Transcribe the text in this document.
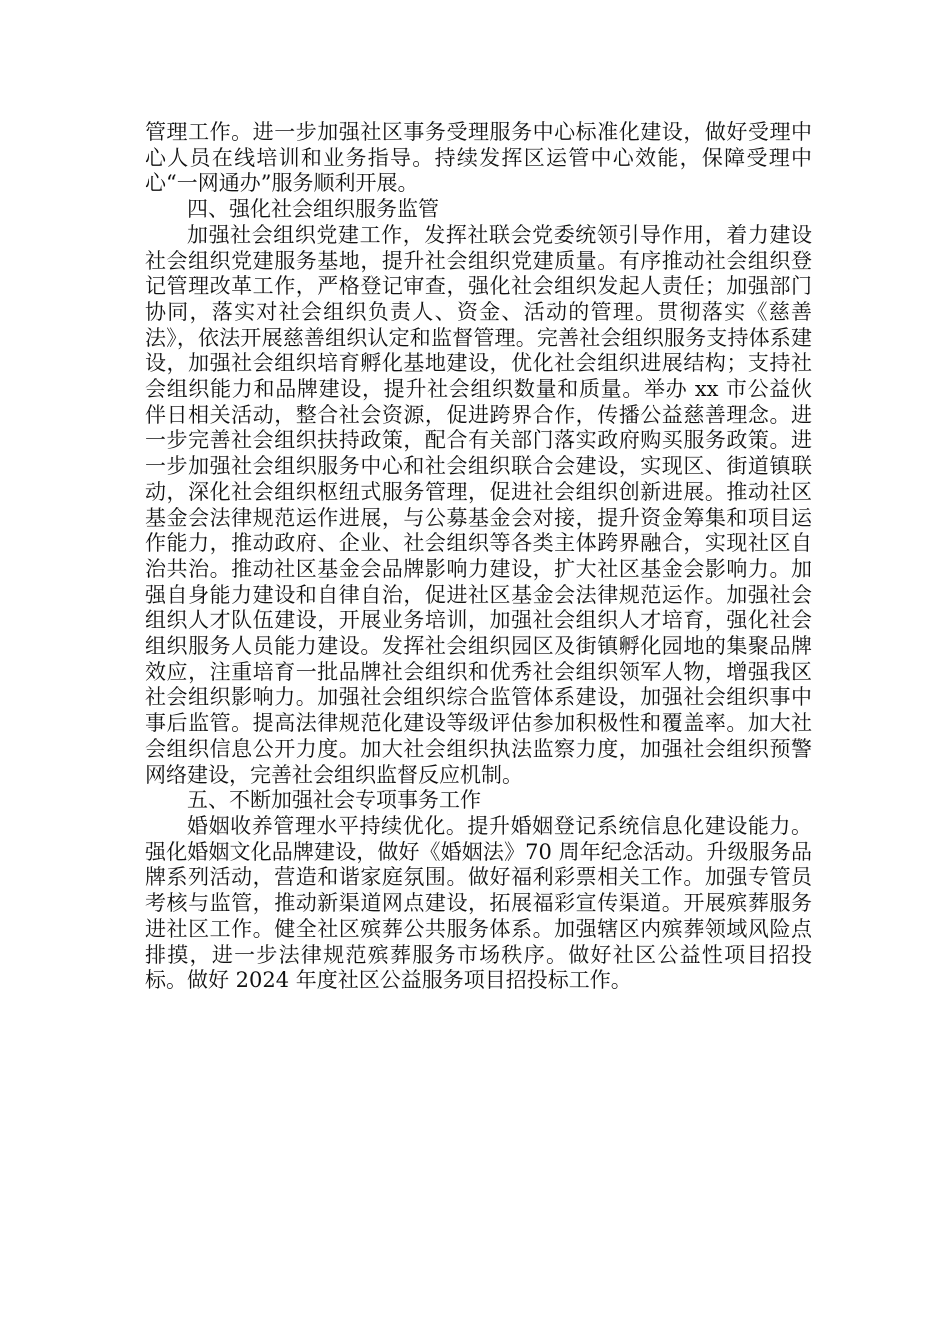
管理工作。进一步加强社区事务受理服务中心标准化建设，做好受理中心人员在线培训和业务指导。持续发挥区运管中心效能，保障受理中心“一网通办”服务顺利开展。

四、强化社会组织服务监管

加强社会组织党建工作，发挥社联会党委统领引导作用，着力建设社会组织党建服务基地，提升社会组织党建质量。有序推动社会组织登记管理改革工作，严格登记审查，强化社会组织发起人责任；加强部门协同，落实对社会组织负责人、资金、活动的管理。贯彻落实《慈善法》，依法开展慈善组织认定和监督管理。完善社会组织服务支持体系建设，加强社会组织培育孵化基地建设，优化社会组织进展结构；支持社会组织能力和品牌建设，提升社会组织数量和质量。举办 xx 市公益伙伴日相关活动，整合社会资源，促进跨界合作，传播公益慈善理念。进一步完善社会组织扶持政策，配合有关部门落实政府购买服务政策。进一步加强社会组织服务中心和社会组织联合会建设，实现区、街道镇联动，深化社会组织枢纽式服务管理，促进社会组织创新进展。推动社区基金会法律规范运作进展，与公募基金会对接，提升资金筹集和项目运作能力，推动政府、企业、社会组织等各类主体跨界融合，实现社区自治共治。推动社区基金会品牌影响力建设，扩大社区基金会影响力。加强自身能力建设和自律自治，促进社区基金会法律规范运作。加强社会组织人才队伍建设，开展业务培训，加强社会组织人才培育，强化社会组织服务人员能力建设。发挥社会组织园区及街镇孵化园地的集聚品牌效应，注重培育一批品牌社会组织和优秀社会组织领军人物，增强我区社会组织影响力。加强社会组织综合监管体系建设，加强社会组织事中事后监管。提高法律规范化建设等级评估参加积极性和覆盖率。加大社会组织信息公开力度。加大社会组织执法监察力度，加强社会组织预警网络建设，完善社会组织监督反应机制。

五、不断加强社会专项事务工作

婚姻收养管理水平持续优化。提升婚姻登记系统信息化建设能力。强化婚姻文化品牌建设，做好《婚姻法》70 周年纪念活动。升级服务品牌系列活动，营造和谐家庭氛围。做好福利彩票相关工作。加强专管员考核与监管，推动新渠道网点建设，拓展福彩宣传渠道。开展殡葬服务进社区工作。健全社区殡葬公共服务体系。加强辖区内殡葬领域风险点排摸，进一步法律规范殡葬服务市场秩序。做好社区公益性项目招投标。做好 2024 年度社区公益服务项目招投标工作。
